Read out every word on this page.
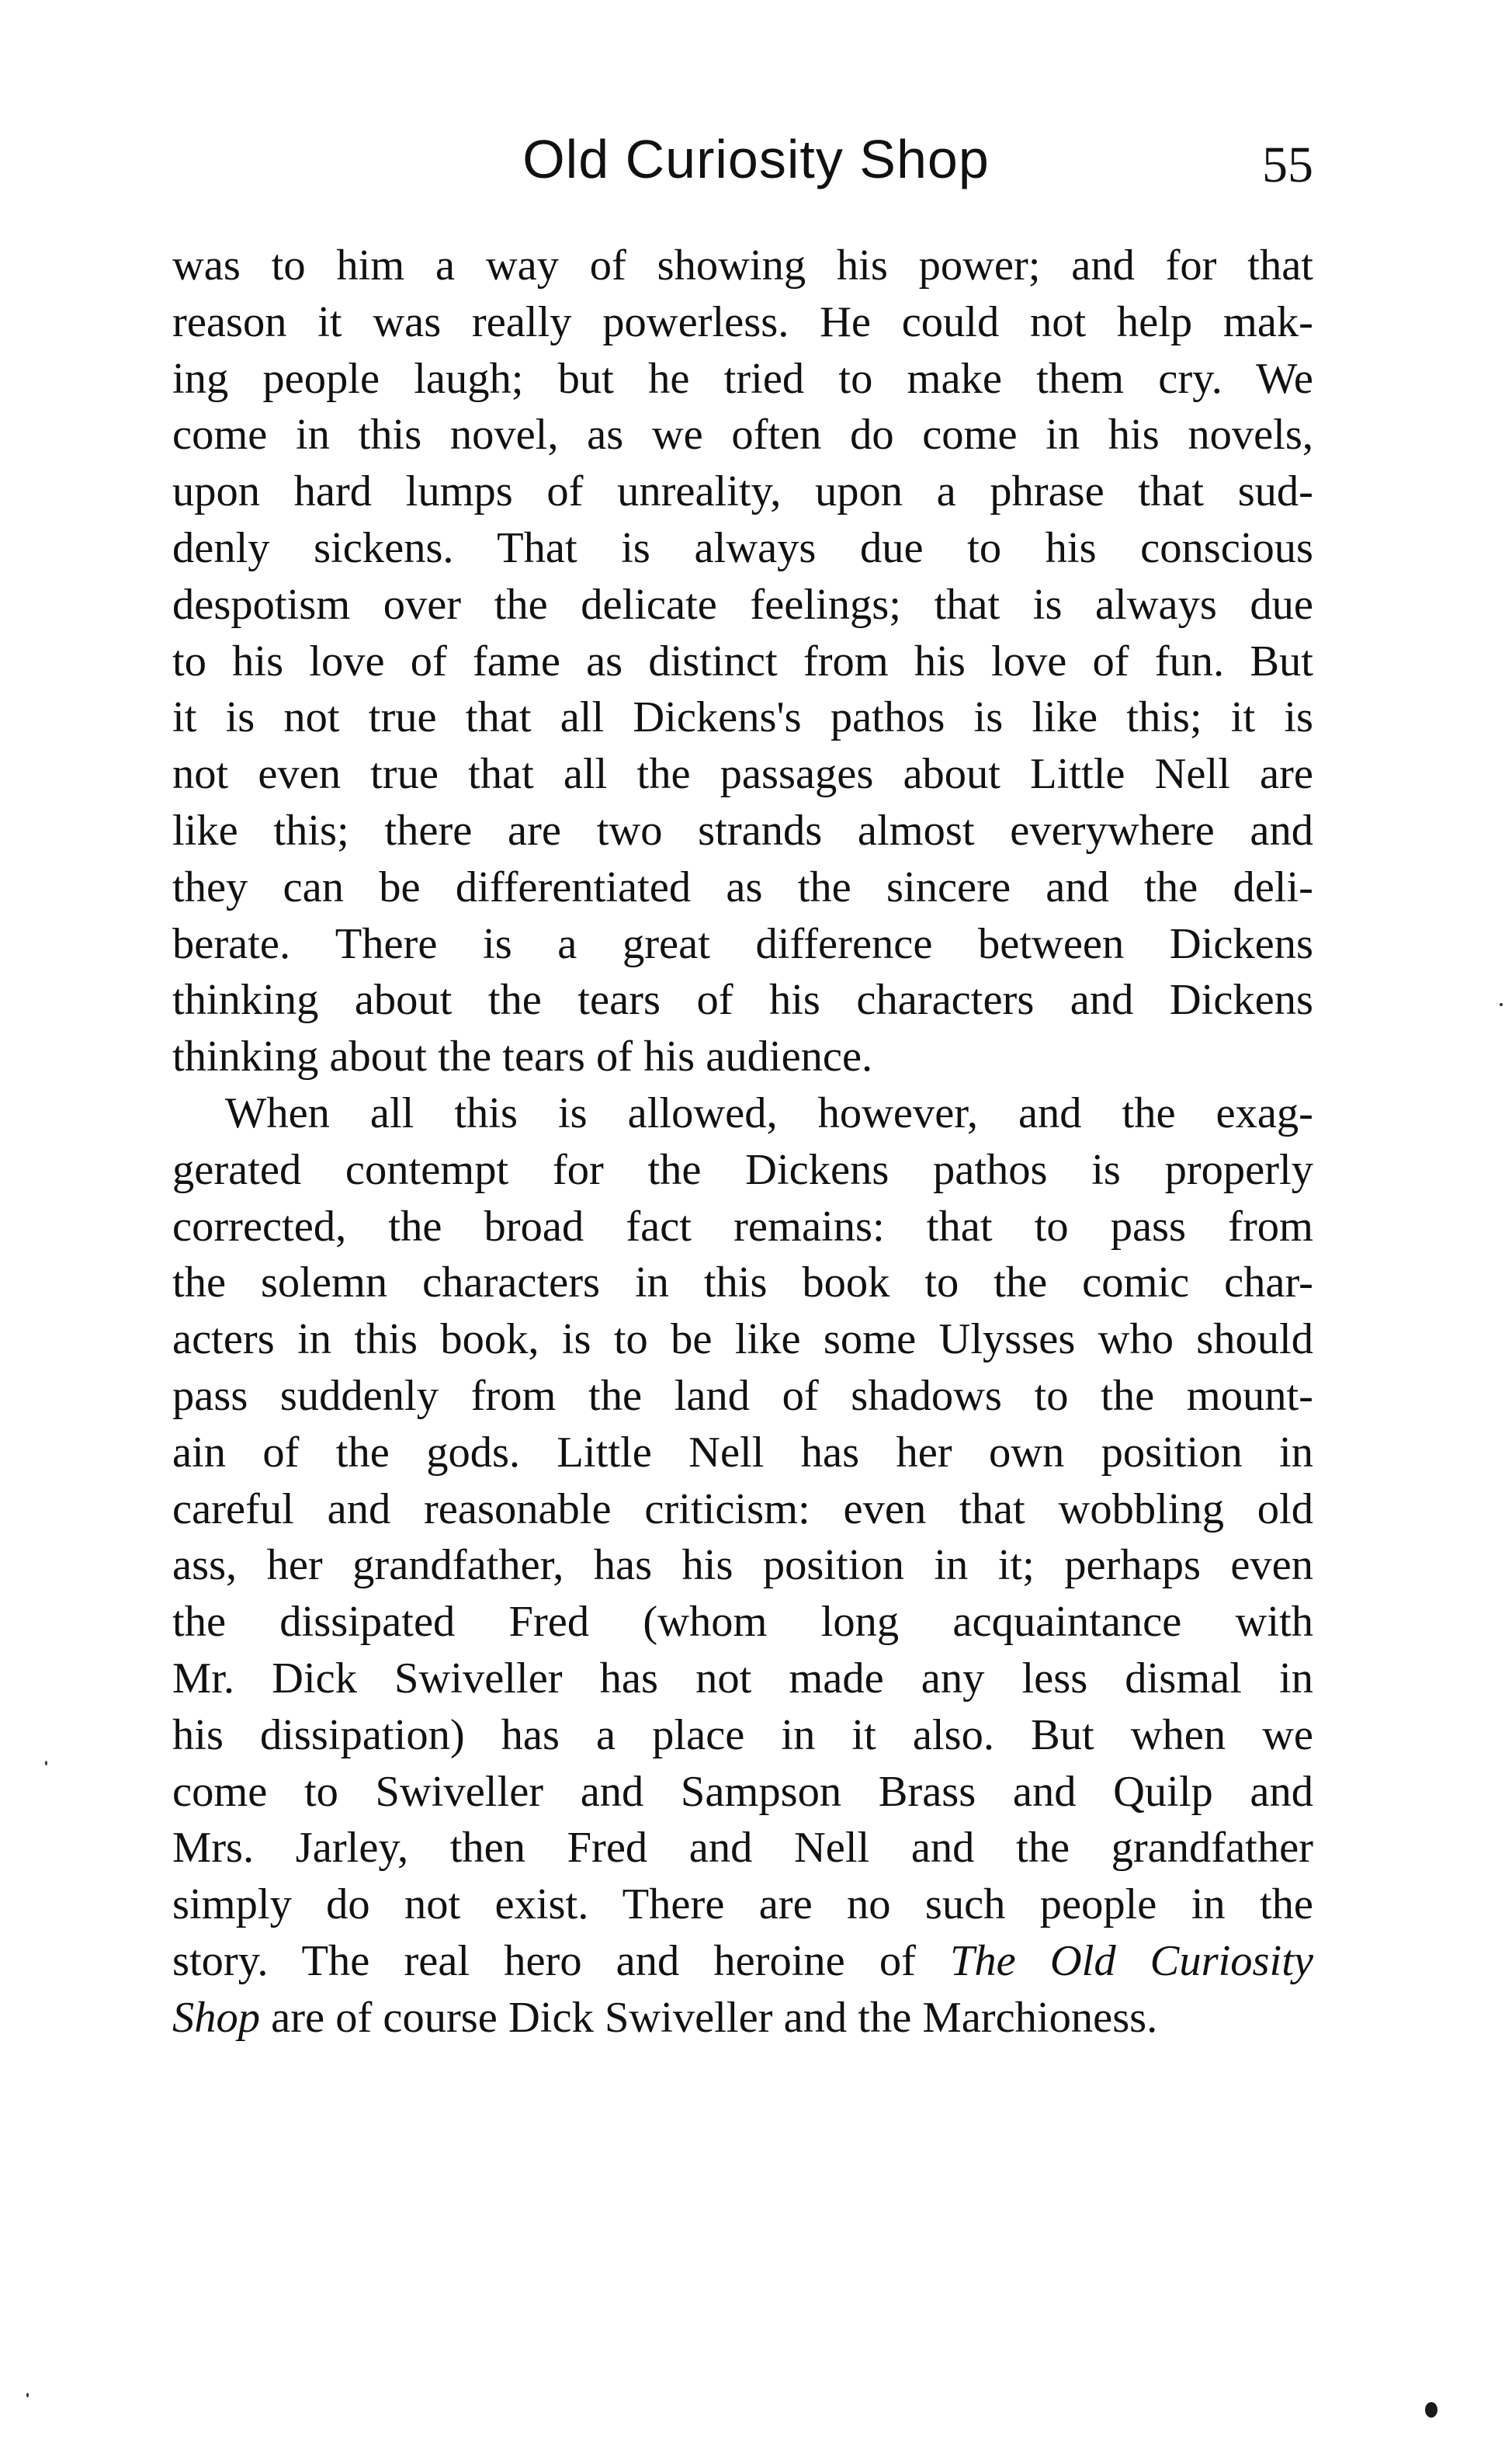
Old Curiosity Shop	55
was to him a way of showing his power; and for that
reason it was really powerless. He could not help mak-
ing people laugh; but he tried to make them cry. We
come in this novel, as we often do come in his novels,
upon hard lumps of unreality, upon a phrase that sud-
denly sickens. That is always due to his conscious
despotism over the delicate feelings; that is always due
to his love of fame as distinct from his love of fun. But
it is not true that all Dickens's pathos is like this; it is
not even true that all the passages about Little Nell are
like this; there are two strands almost everywhere and
they can be differentiated as the sincere and the deli-
berate. There is a great difference between Dickens
thinking about the tears of his characters and Dickens
thinking about the tears of his audience.
When all this is allowed, however, and the exag-
gerated contempt for the Dickens pathos is properly
corrected, the broad fact remains: that to pass from
the solemn characters in this book to the comic char-
acters in this book, is to be like some Ulysses who should
pass suddenly from the land of shadows to the mount-
ain of the gods. Little Nell has her own position in
careful and reasonable criticism: even that wobbling old
ass, her grandfather, has his position in it; perhaps even
the dissipated Fred (whom long acquaintance with
Mr. Dick Swiveller has not made any less dismal in
his dissipation) has a place in it also. But when we
come to Swiveller and Sampson Brass and Quilp and
Mrs. Jarley, then Fred and Nell and the grandfather
simply do not exist. There are no such people in the
story. The real hero and heroine of The Old Curiosity
Shop are of course Dick Swiveller and the Marchioness.
